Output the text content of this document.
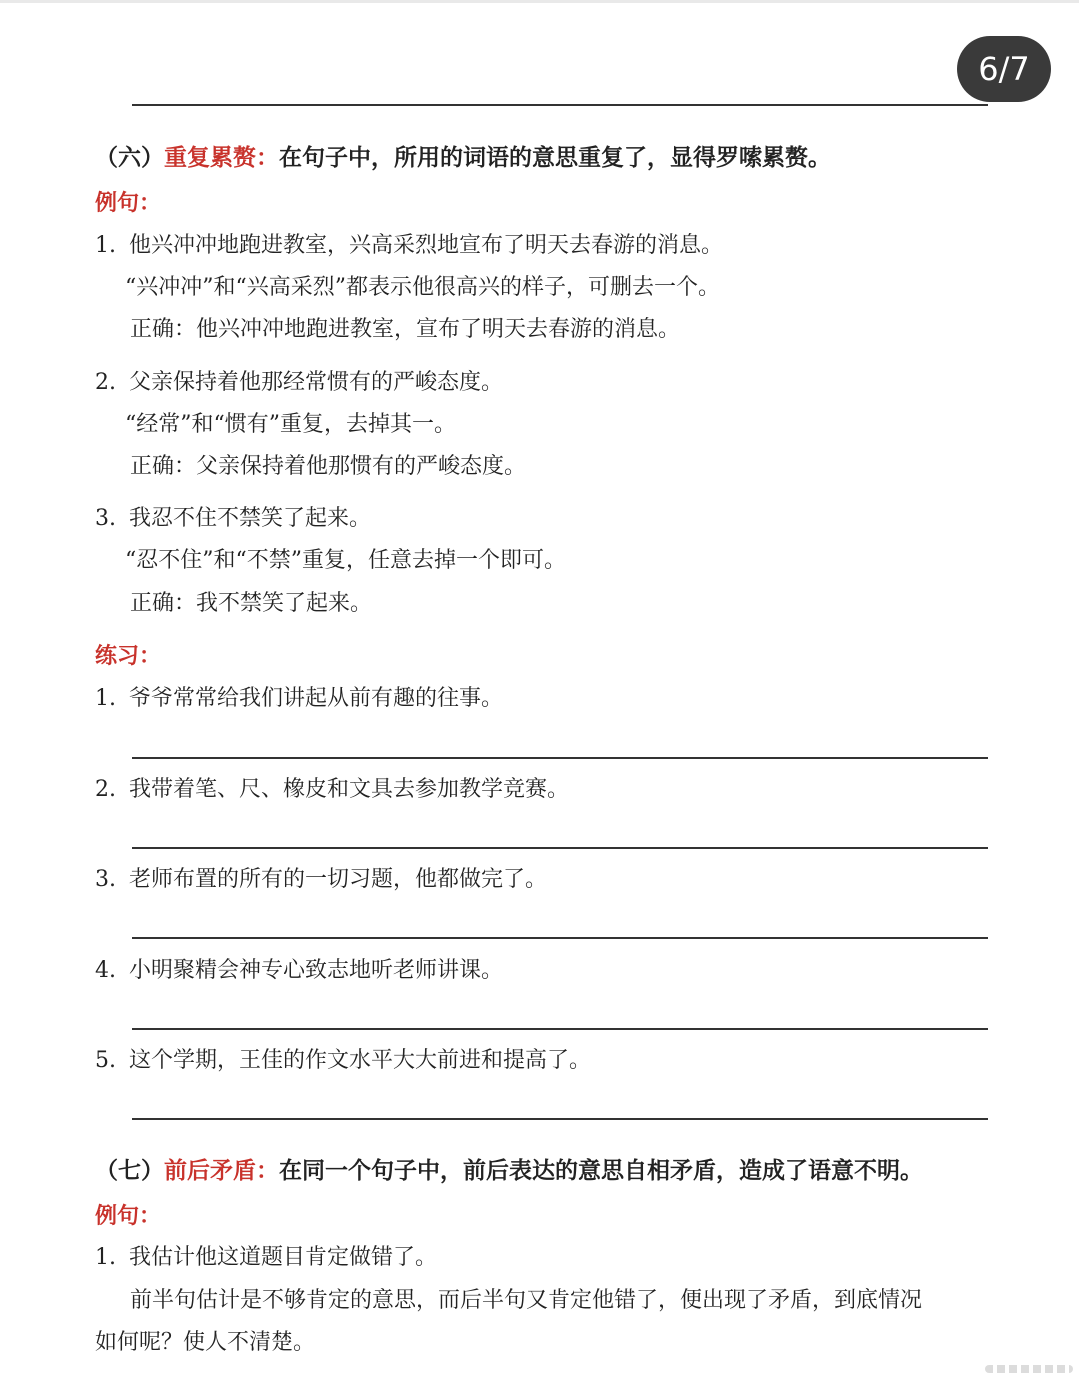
6/7
（六）重复累赘：在句子中，所用的词语的意思重复了，显得罗嗦累赘。
例句：
1. 他兴冲冲地跑进教室，兴高采烈地宣布了明天去春游的消息。
“兴冲冲”和“兴高采烈”都表示他很高兴的样子，可删去一个。
正确：他兴冲冲地跑进教室，宣布了明天去春游的消息。
2. 父亲保持着他那经常惯有的严峻态度。
“经常”和“惯有”重复，去掉其一。
正确：父亲保持着他那惯有的严峻态度。
3. 我忍不住不禁笑了起来。
“忍不住”和“不禁”重复，任意去掉一个即可。
正确：我不禁笑了起来。
练习：
1. 爷爷常常给我们讲起从前有趣的往事。
2. 我带着笔、尺、橡皮和文具去参加教学竞赛。
3. 老师布置的所有的一切习题，他都做完了。
4. 小明聚精会神专心致志地听老师讲课。
5. 这个学期，王佳的作文水平大大前进和提高了。
（七）前后矛盾：在同一个句子中，前后表达的意思自相矛盾，造成了语意不明。
例句：
1. 我估计他这道题目肯定做错了。
前半句估计是不够肯定的意思，而后半句又肯定他错了，便出现了矛盾，到底情况
如何呢？使人不清楚。
